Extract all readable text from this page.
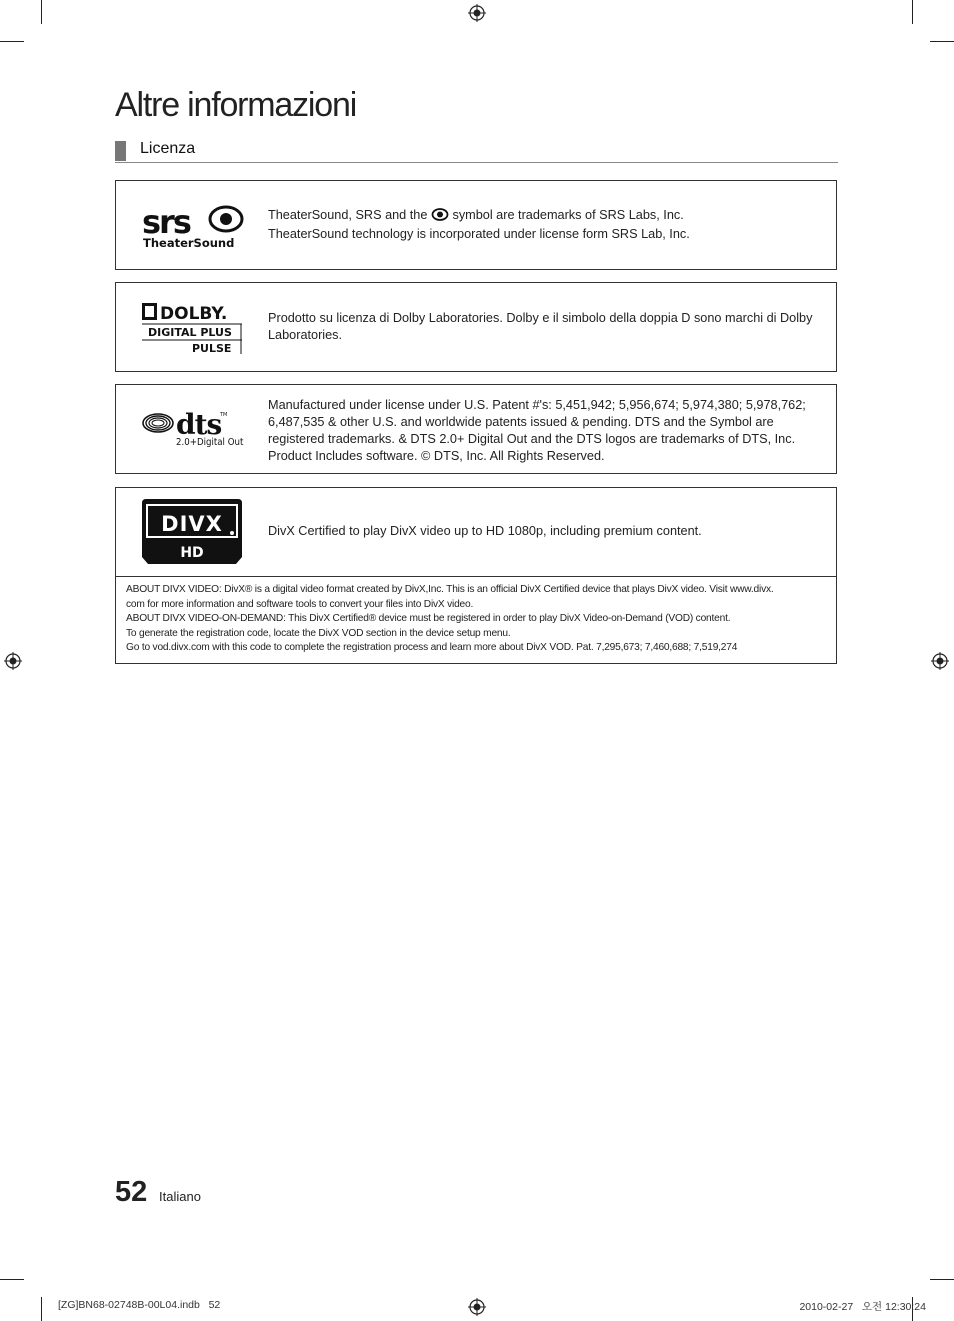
Altre informazioni
Licenza
srs
TheaterSound
TheaterSound, SRS and the symbol are trademarks of SRS Labs, Inc.
TheaterSound technology is incorporated under license form SRS Lab, Inc.
DOLBY.
DIGITAL PLUS
PULSE
Prodotto su licenza di Dolby Laboratories. Dolby e il simbolo della doppia D sono marchi di Dolby Laboratories.
dts
TM
2.0+Digital Out
Manufactured under license under U.S. Patent #'s: 5,451,942; 5,956,674; 5,974,380; 5,978,762; 6,487,535 & other U.S. and worldwide patents issued & pending. DTS and the Symbol are registered trademarks. & DTS 2.0+ Digital Out and the DTS logos are trademarks of DTS, Inc. Product Includes software. © DTS, Inc. All Rights Reserved.
DIVX
HD
DivX Certified to play DivX video up to HD 1080p, including premium content.
ABOUT DIVX VIDEO: DivX® is a digital video format created by DivX,Inc. This is an official DivX Certified device that plays DivX video. Visit www.divx.
com for more information and software tools to convert your files into DivX video.
ABOUT DIVX VIDEO-ON-DEMAND: This DivX Certified® device must be registered in order to play DivX Video-on-Demand (VOD) content.
To generate the registration code, locate the DivX VOD section in the device setup menu.
Go to vod.divx.com with this code to complete the registration process and learn more about DivX VOD. Pat. 7,295,673; 7,460,688; 7,519,274
52 Italiano
[ZG]BN68-02748B-00L04.indb   52	2010-02-27   오전 12:30:24
